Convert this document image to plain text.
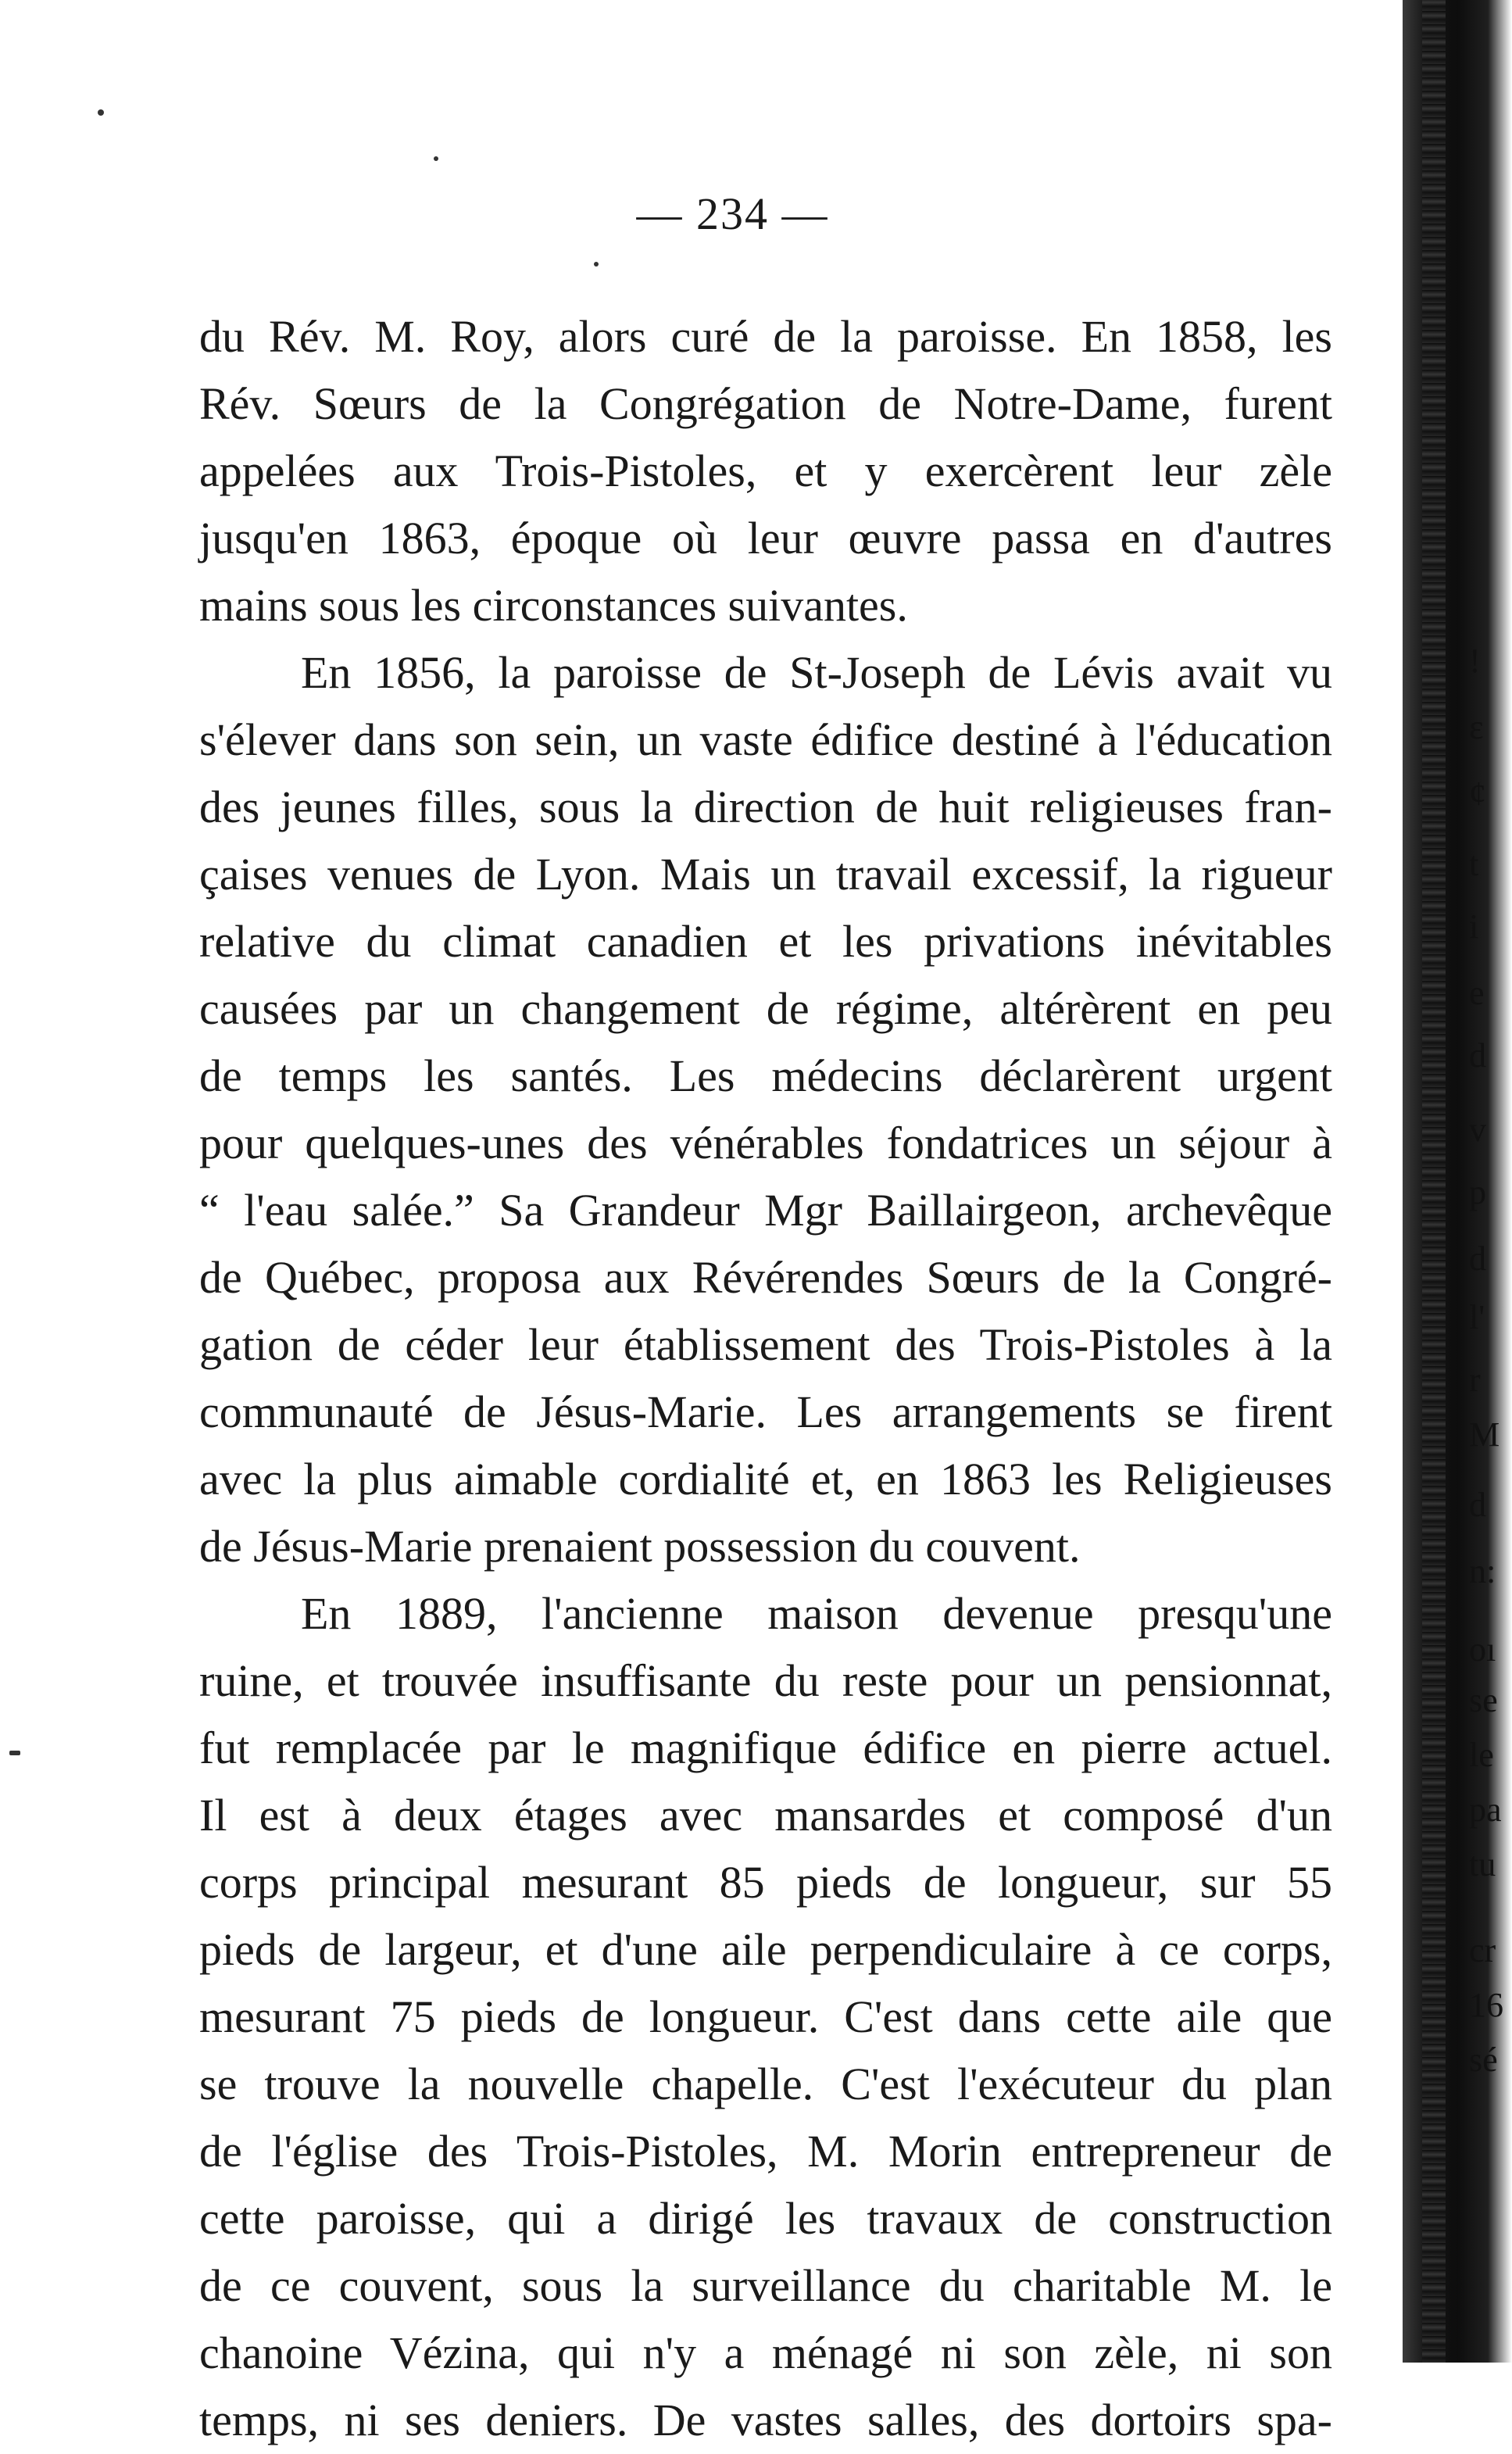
— 234 —
du Rév. M. Roy, alors curé de la paroisse. En 1858, les
Rév. Sœurs de la Congrégation de Notre-Dame, furent
appelées aux Trois-Pistoles, et y exercèrent leur zèle
jusqu'en 1863, époque où leur œuvre passa en d'autres
mains sous les circonstances suivantes.
En 1856, la paroisse de St-Joseph de Lévis avait vu
s'élever dans son sein, un vaste édifice destiné à l'éducation
des jeunes filles, sous la direction de huit religieuses fran-
çaises venues de Lyon. Mais un travail excessif, la rigueur
relative du climat canadien et les privations inévitables
causées par un changement de régime, altérèrent en peu
de temps les santés. Les médecins déclarèrent urgent
pour quelques-unes des vénérables fondatrices un séjour à
“ l'eau salée.” Sa Grandeur Mgr Baillairgeon, archevêque
de Québec, proposa aux Révérendes Sœurs de la Congré-
gation de céder leur établissement des Trois-Pistoles à la
communauté de Jésus-Marie. Les arrangements se firent
avec la plus aimable cordialité et, en 1863 les Religieuses
de Jésus-Marie prenaient possession du couvent.
En 1889, l'ancienne maison devenue presqu'une
ruine, et trouvée insuffisante du reste pour un pensionnat,
fut remplacée par le magnifique édifice en pierre actuel.
Il est à deux étages avec mansardes et composé d'un
corps principal mesurant 85 pieds de longueur, sur 55
pieds de largeur, et d'une aile perpendiculaire à ce corps,
mesurant 75 pieds de longueur. C'est dans cette aile que
se trouve la nouvelle chapelle. C'est l'exécuteur du plan
de l'église des Trois-Pistoles, M. Morin entrepreneur de
cette paroisse, qui a dirigé les travaux de construction
de ce couvent, sous la surveillance du charitable M. le
chanoine Vézina, qui n'y a ménagé ni son zèle, ni son
temps, ni ses deniers. De vastes salles, des dortoirs spa-
!
ε
¢
t
i
e
d
v
p
d
l'
r
M
d
n:
oı
se
le
pa
tu
cr
16
sé
